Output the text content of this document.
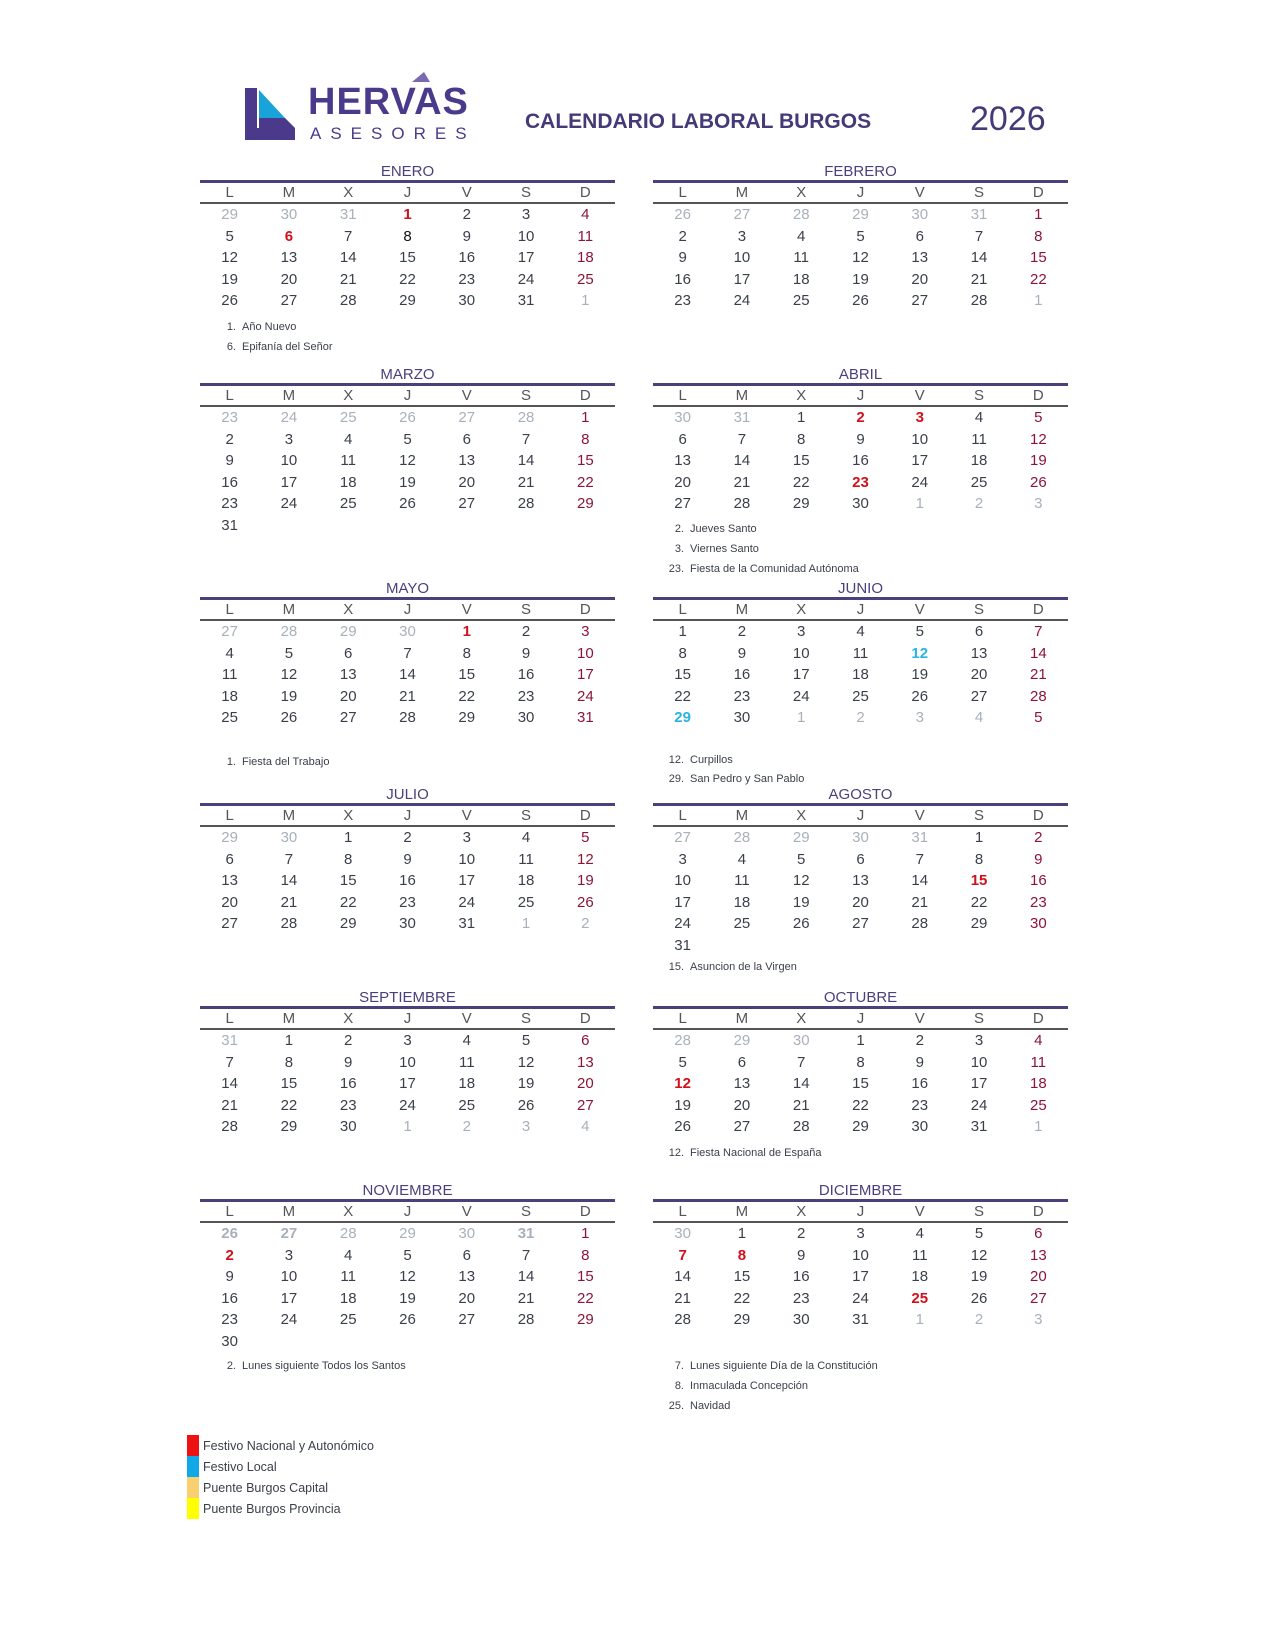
HERVAS
ASESORES
CALENDARIO LABORAL BURGOS	2026
ENERO
L	M	X	J	V	S	D
29	30	31	1	2	3	4
5	6	7	8	9	10	11
12	13	14	15	16	17	18
19	20	21	22	23	24	25
26	27	28	29	30	31	1
1. Año Nuevo
6. Epifanía del Señor
FEBRERO
L	M	X	J	V	S	D
26	27	28	29	30	31	1
2	3	4	5	6	7	8
9	10	11	12	13	14	15
16	17	18	19	20	21	22
23	24	25	26	27	28	1
MARZO
L	M	X	J	V	S	D
23	24	25	26	27	28	1
2	3	4	5	6	7	8
9	10	11	12	13	14	15
16	17	18	19	20	21	22
23	24	25	26	27	28	29
31
ABRIL
L	M	X	J	V	S	D
30	31	1	2	3	4	5
6	7	8	9	10	11	12
13	14	15	16	17	18	19
20	21	22	23	24	25	26
27	28	29	30	1	2	3
2. Jueves Santo
3. Viernes Santo
23. Fiesta de la Comunidad Autónoma
MAYO
L	M	X	J	V	S	D
27	28	29	30	1	2	3
4	5	6	7	8	9	10
11	12	13	14	15	16	17
18	19	20	21	22	23	24
25	26	27	28	29	30	31
1. Fiesta del Trabajo
JUNIO
L	M	X	J	V	S	D
1	2	3	4	5	6	7
8	9	10	11	12	13	14
15	16	17	18	19	20	21
22	23	24	25	26	27	28
29	30	1	2	3	4	5
12. Curpillos
29. San Pedro y San Pablo
JULIO
L	M	X	J	V	S	D
29	30	1	2	3	4	5
6	7	8	9	10	11	12
13	14	15	16	17	18	19
20	21	22	23	24	25	26
27	28	29	30	31	1	2
AGOSTO
L	M	X	J	V	S	D
27	28	29	30	31	1	2
3	4	5	6	7	8	9
10	11	12	13	14	15	16
17	18	19	20	21	22	23
24	25	26	27	28	29	30
31
15. Asuncion de la Virgen
SEPTIEMBRE
L	M	X	J	V	S	D
31	1	2	3	4	5	6
7	8	9	10	11	12	13
14	15	16	17	18	19	20
21	22	23	24	25	26	27
28	29	30	1	2	3	4
OCTUBRE
L	M	X	J	V	S	D
28	29	30	1	2	3	4
5	6	7	8	9	10	11
12	13	14	15	16	17	18
19	20	21	22	23	24	25
26	27	28	29	30	31	1
12. Fiesta Nacional de España
NOVIEMBRE
L	M	X	J	V	S	D
26	27	28	29	30	31	1
2	3	4	5	6	7	8
9	10	11	12	13	14	15
16	17	18	19	20	21	22
23	24	25	26	27	28	29
30
2. Lunes siguiente Todos los Santos
DICIEMBRE
L	M	X	J	V	S	D
30	1	2	3	4	5	6
7	8	9	10	11	12	13
14	15	16	17	18	19	20
21	22	23	24	25	26	27
28	29	30	31	1	2	3
7. Lunes siguiente Día de la Constitución
8. Inmaculada Concepción
25. Navidad
Festivo Nacional y Autonómico
Festivo Local
Puente Burgos Capital
Puente Burgos Provincia
